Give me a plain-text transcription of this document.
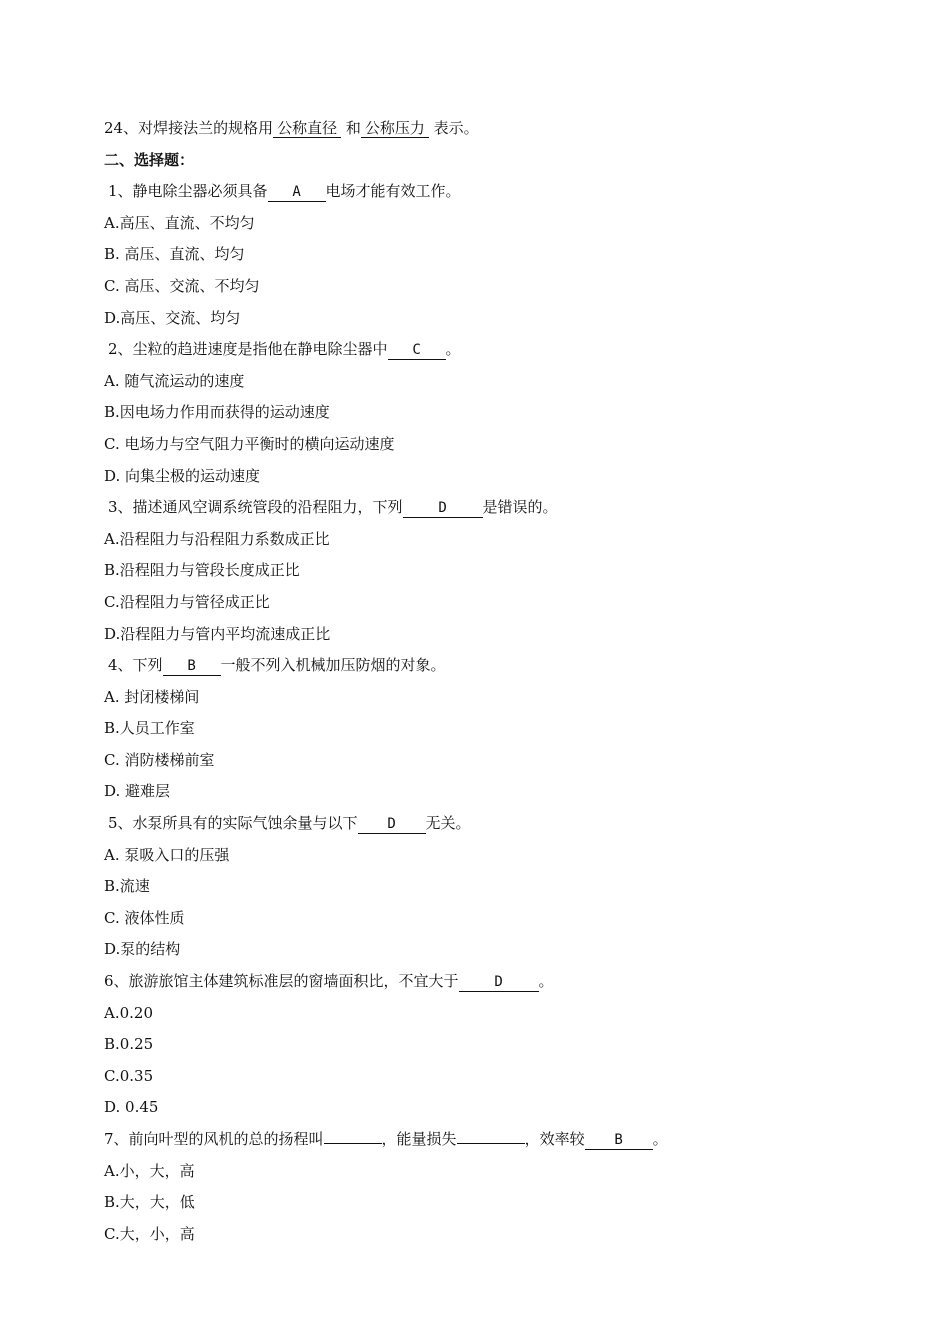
24、对焊接法兰的规格用 公称直径 和 公称压力 表示。
二、选择题：
1、静电除尘器必须具备 A 电场才能有效工作。
A.高压、直流、不均匀
B. 高压、直流、均匀
C. 高压、交流、不均匀
D.高压、交流、均匀
2、尘粒的趋进速度是指他在静电除尘器中 C 。
A. 随气流运动的速度
B.因电场力作用而获得的运动速度
C. 电场力与空气阻力平衡时的横向运动速度
D. 向集尘极的运动速度
3、描述通风空调系统管段的沿程阻力，下列	D 是错误的。
A.沿程阻力与沿程阻力系数成正比
B.沿程阻力与管段长度成正比
C.沿程阻力与管径成正比
D.沿程阻力与管内平均流速成正比
4、下列 B 一般不列入机械加压防烟的对象。
A. 封闭楼梯间
B.人员工作室
C. 消防楼梯前室
D. 避难层
5、水泵所具有的实际气蚀余量与以下 D 无关。
A. 泵吸入口的压强
B.流速
C. 液体性质
D.泵的结构
6、旅游旅馆主体建筑标准层的窗墙面积比，不宜大于	D 。
A.0.20
B.0.25
C.0.35
D. 0.45
7、前向叶型的风机的总的扬程叫	，能量损失	，效率较 B 。
A.小，大，高
B.大，大，低
C.大，小，高
